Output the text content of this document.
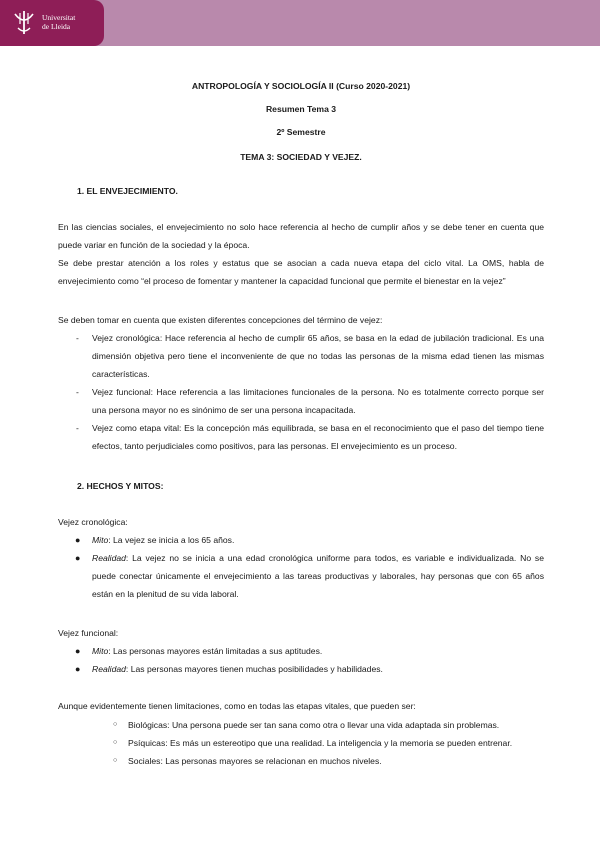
Universitat
de Lleida
ANTROPOLOGÍA Y SOCIOLOGÍA II (Curso 2020-2021)
Resumen Tema 3
2º Semestre
TEMA 3: SOCIEDAD Y VEJEZ.
1. EL ENVEJECIMIENTO.
En las ciencias sociales, el envejecimiento no solo hace referencia al hecho de cumplir años y se debe tener en cuenta que puede variar en función de la sociedad y la época.
Se debe prestar atención a los roles y estatus que se asocian a cada nueva etapa del ciclo vital. La OMS, habla de envejecimiento como “el proceso de fomentar y mantener la capacidad funcional que permite el bienestar en la vejez”
Se deben tomar en cuenta que existen diferentes concepciones del término de vejez:
- Vejez cronológica: Hace referencia al hecho de cumplir 65 años, se basa en la edad de jubilación tradicional. Es una dimensión objetiva pero tiene el inconveniente de que no todas las personas de la misma edad tienen las mismas características.
- Vejez funcional: Hace referencia a las limitaciones funcionales de la persona. No es totalmente correcto porque ser una persona mayor no es sinónimo de ser una persona incapacitada.
- Vejez como etapa vital: Es la concepción más equilibrada, se basa en el reconocimiento que el paso del tiempo tiene efectos, tanto perjudiciales como positivos, para las personas. El envejecimiento es un proceso.
2. HECHOS Y MITOS:
Vejez cronológica:
● Mito: La vejez se inicia a los 65 años.
● Realidad: La vejez no se inicia a una edad cronológica uniforme para todos, es variable e individualizada. No se puede conectar únicamente el envejecimiento a las tareas productivas y laborales, hay personas que con 65 años están en la plenitud de su vida laboral.
Vejez funcional:
● Mito: Las personas mayores están limitadas a sus aptitudes.
● Realidad: Las personas mayores tienen muchas posibilidades y habilidades.
Aunque evidentemente tienen limitaciones, como en todas las etapas vitales, que pueden ser:
○ Biológicas: Una persona puede ser tan sana como otra o llevar una vida adaptada sin problemas.
○ Psíquicas: Es más un estereotipo que una realidad. La inteligencia y la memoria se pueden entrenar.
○ Sociales: Las personas mayores se relacionan en muchos niveles.
